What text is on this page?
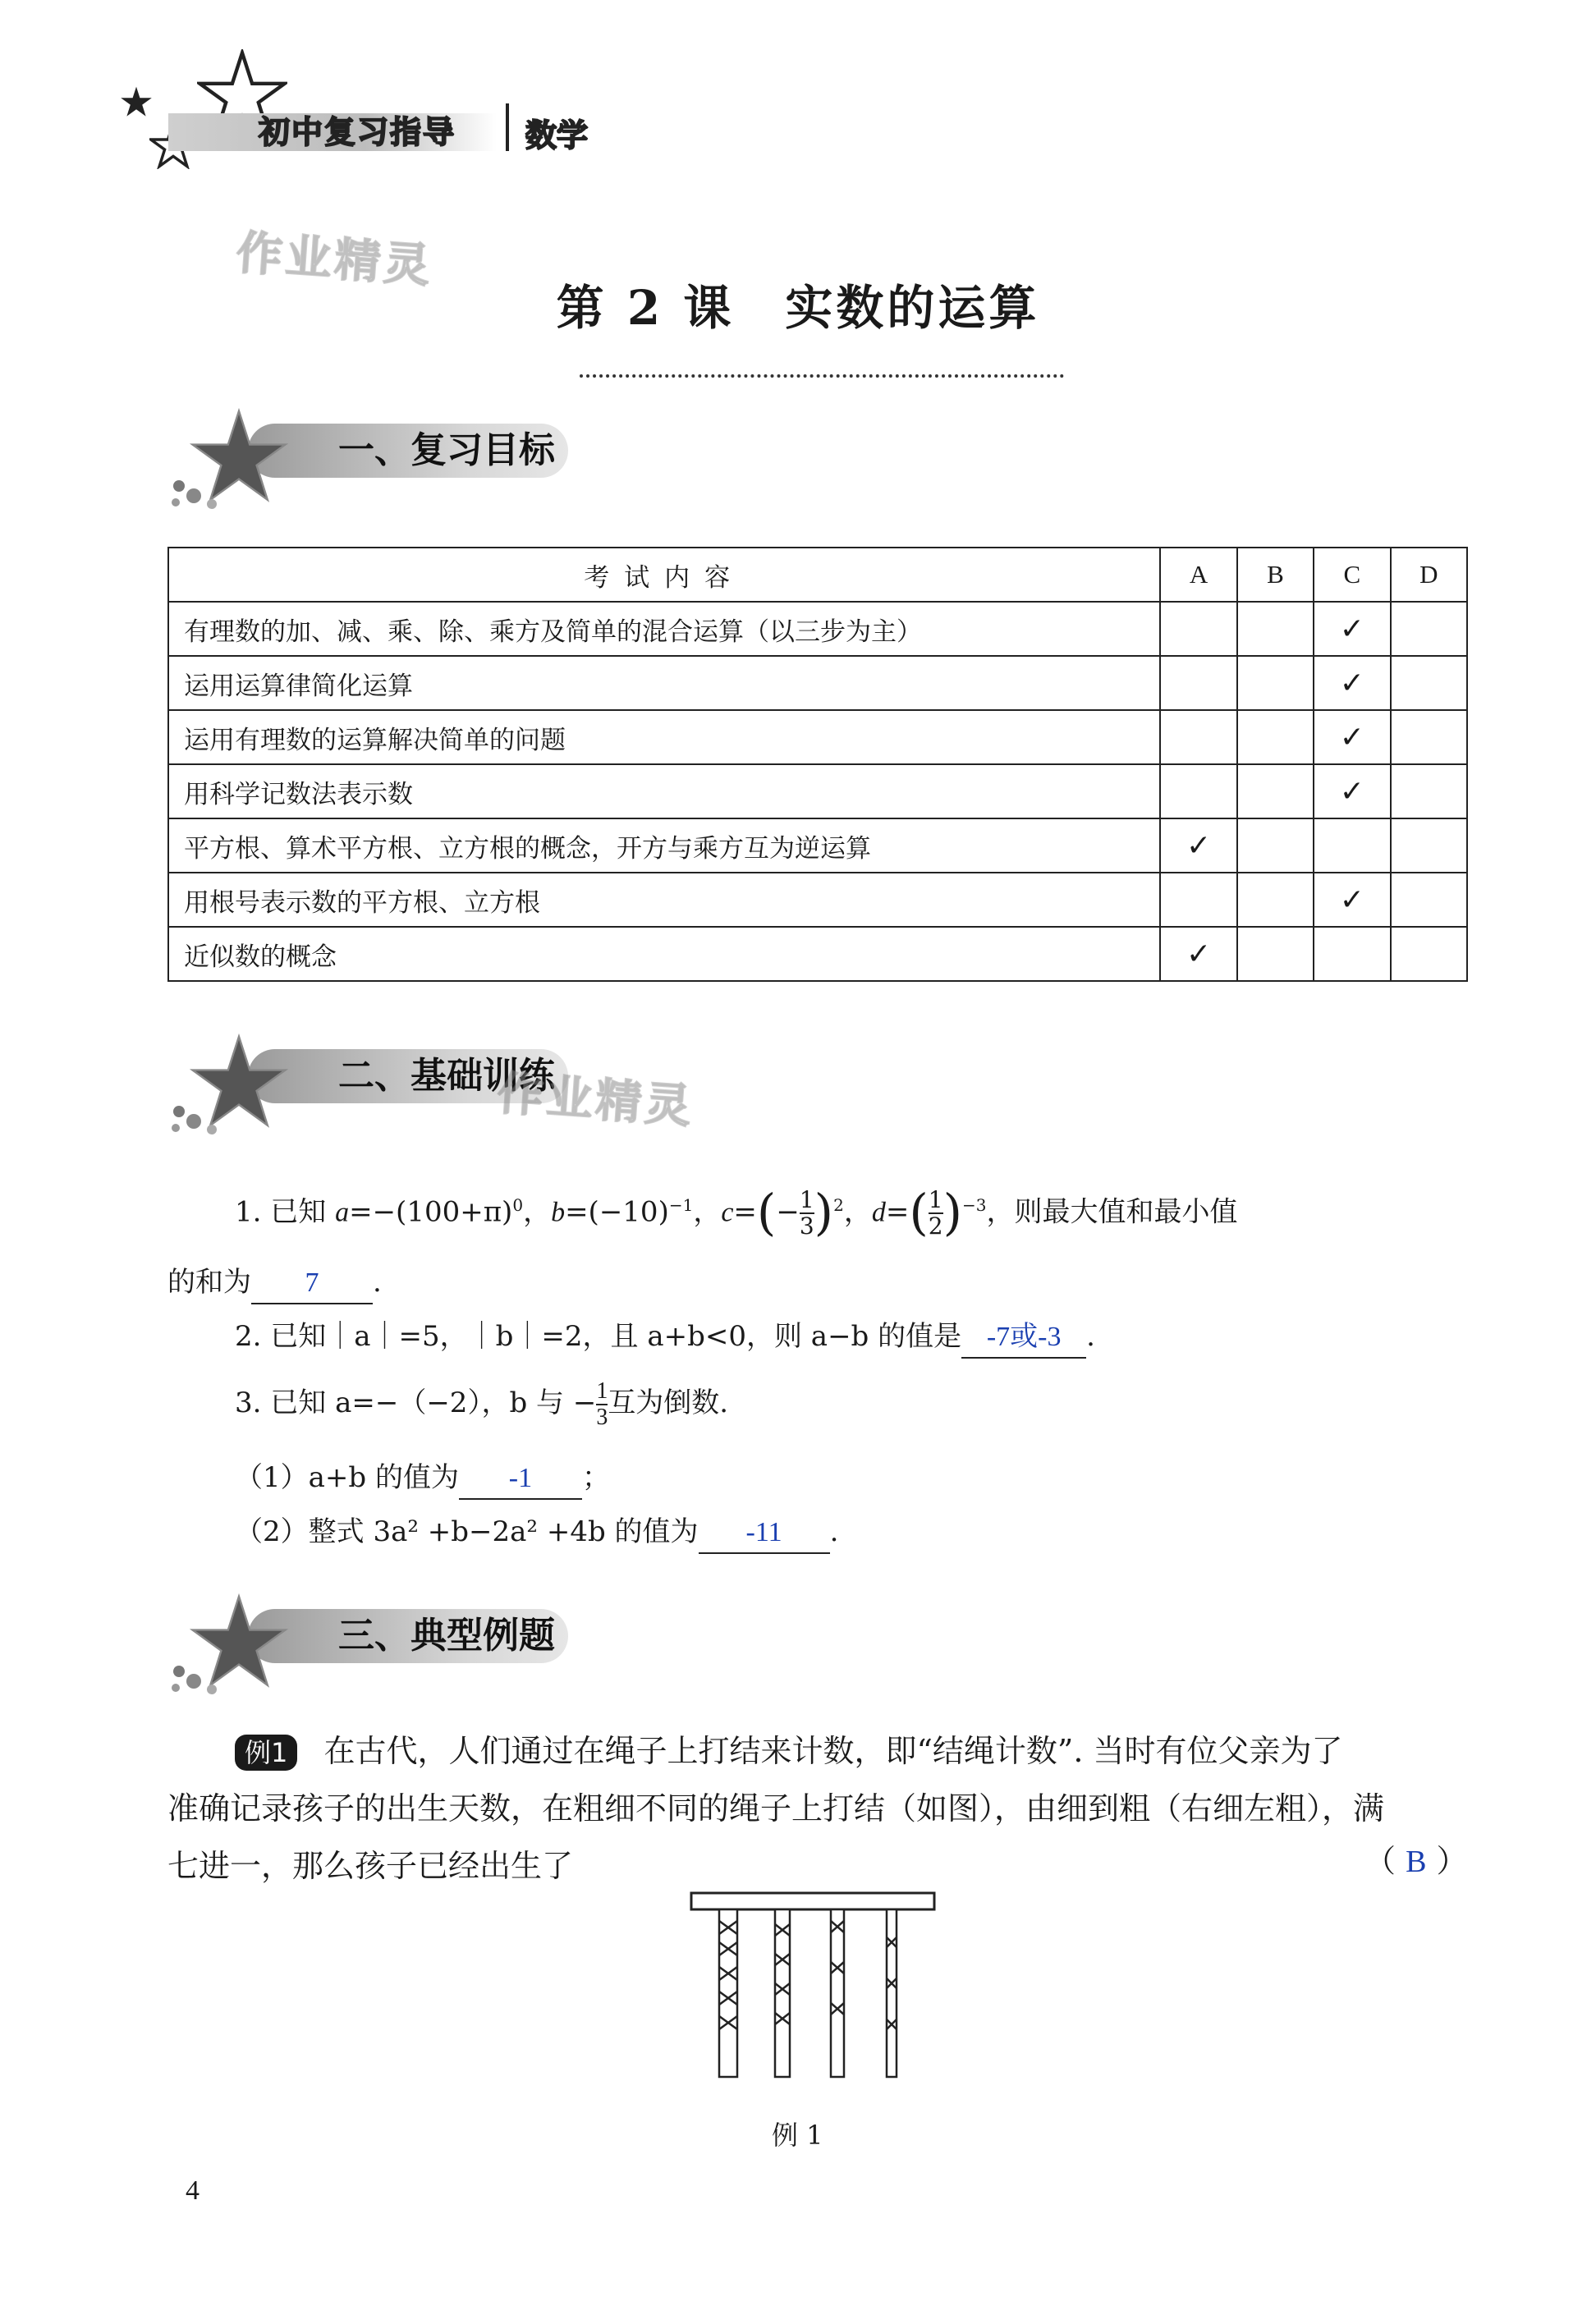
初中复习指导 数学
作业精灵
第 2 课　实数的运算
一、复习目标
考试内容	A	B	C	D
有理数的加、减、乘、除、乘方及简单的混合运算（以三步为主）			✓	
运用运算律简化运算			✓	
运用有理数的运算解决简单的问题			✓	
用科学记数法表示数			✓	
平方根、算术平方根、立方根的概念，开方与乘方互为逆运算	✓			
用根号表示数的平方根、立方根			✓	
近似数的概念	✓			
二、基础训练
作业精灵
1. 已知 $a=-(100+\pi)^0$，$b=(-10)^{-1}$，$c=(- \frac{1}{3} )^2$，$d=( \frac{1}{2} )^{-3}$，则最大值和最小值
的和为 7 .
2. 已知｜a｜=5，｜b｜=2，且 a+b<0，则 a−b 的值是 -7或-3 .
3. 已知 a=−（−2），b 与 − $\frac{1}{3}$ 互为倒数.
（1）a+b 的值为 -1 ；
（2）整式 3a² +b−2a² +4b 的值为 -11 .
三、典型例题
例1 在古代，人们通过在绳子上打结来计数，即“结绳计数”. 当时有位父亲为了
准确记录孩子的出生天数，在粗细不同的绳子上打结（如图），由细到粗（右细左粗），满
七进一，那么孩子已经出生了	（ B ）
例 1
4
